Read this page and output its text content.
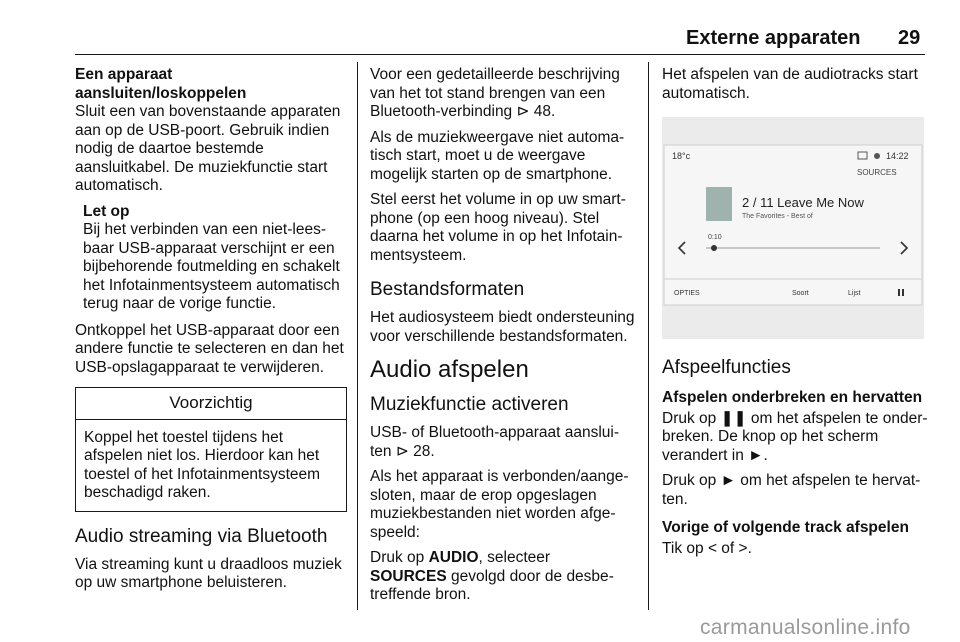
Externe apparaten 29

Een apparaat aansluiten/loskoppelen

Sluit een van bovenstaande apparaten aan op de USB-poort. Gebruik indien nodig de daartoe bestemde aansluitkabel. De muziekfunctie start automatisch.

Let op
Bij het verbinden van een niet-leesbaar USB-apparaat verschijnt er een bijbehorende foutmelding en schakelt het Infotainmentsysteem automatisch terug naar de vorige functie.

Ontkoppel het USB-apparaat door een andere functie te selecteren en dan het USB-opslagapparaat te verwijderen.

Voorzichtig
Koppel het toestel tijdens het afspelen niet los. Hierdoor kan het toestel of het Infotainmentsysteem beschadigd raken.
Audio streaming via Bluetooth

Via streaming kunt u draadloos muziek op uw smartphone beluisteren.

Voor een gedetailleerde beschrijving van het tot stand brengen van een Bluetooth-verbinding ⊳ 48.

Als de muziekweergave niet automatisch start, moet u de weergave mogelijk starten op de smartphone.

Stel eerst het volume in op uw smartphone (op een hoog niveau). Stel daarna het volume in op het Infotainmentsysteem.

Bestandsformaten

Het audiosysteem biedt ondersteuning voor verschillende bestandsformaten.

Audio afspelen
Muziekfunctie activeren

USB- of Bluetooth-apparaat aansluiten ⊳ 28.

Als het apparaat is verbonden/aangesloten, maar de erop opgeslagen muziekbestanden niet worden afgespeeld:

Druk op AUDIO, selecteer
SOURCES gevolgd door de desbetreffende bron.

Het afspelen van de audiotracks start automatisch.

18°c	14:22
SOURCES
2 / 11 Leave Me Now
The Favorites - Best of
0:10
OPTIES	Soort	Lijst
Afspeelfuncties

Afspelen onderbreken en hervatten

Druk op ❚❚ om het afspelen te onderbreken. De knop op het scherm verandert in ►.

Druk op ► om het afspelen te hervatten.

Vorige of volgende track afspelen

Tik op < of >.

carmanualsonline.info
